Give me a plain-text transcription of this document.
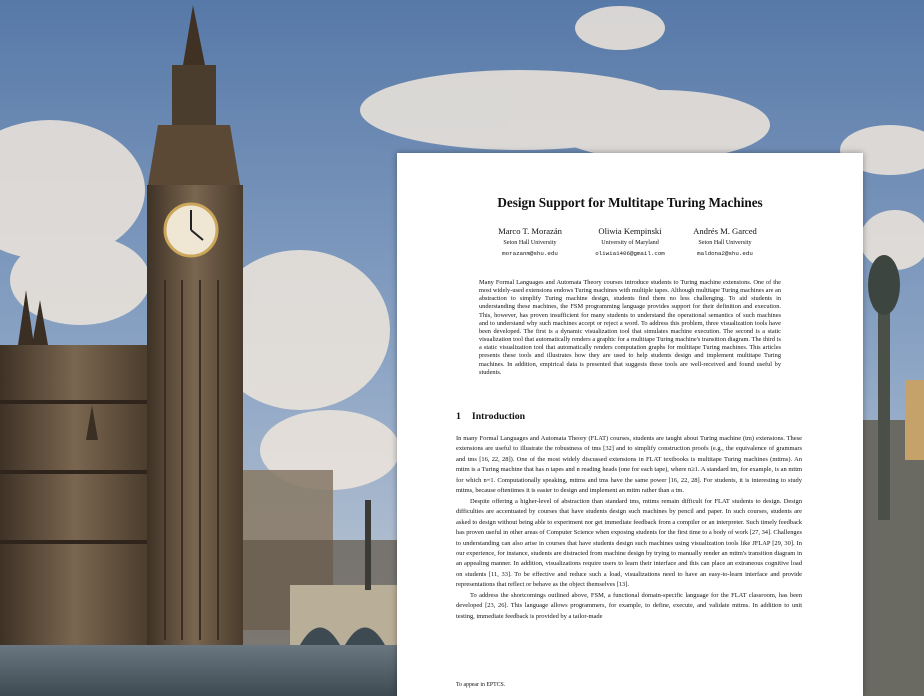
Design Support for Multitape Turing Machines
Marco T. Morazán
Seton Hall University
morazanm@shu.edu
Oliwia Kempinski
University of Maryland
oliwia1406@gmail.com
Andrés M. Garced
Seton Hall University
maldona2@shu.edu
Many Formal Languages and Automata Theory courses introduce students to Turing machine extensions. One of the most widely-used extensions endows Turing machines with multiple tapes. Although multitape Turing machines are an abstraction to simplify Turing machine design, students find them no less challenging. To aid students in understanding these machines, the FSM programming language provides support for their definition and execution. This, however, has proven insufficient for many students to understand the operational semantics of such machines and to understand why such machines accept or reject a word. To address this problem, three visualization tools have been developed. The first is a dynamic visualization tool that simulates machine execution. The second is a static visualization tool that automatically renders a graphic for a multitape Turing machine's transition diagram. The third is a static visualization tool that automatically renders computation graphs for multitape Turing machines. This articles presents these tools and illustrates how they are used to help students design and implement multitape Turing machines. In addition, empirical data is presented that suggests these tools are well-received and found useful by students.
1 Introduction

In many Formal Languages and Automata Theory (FLAT) courses, students are taught about Turing machine (tm) extensions. These extensions are useful to illustrate the robustness of tms [32] and to simplify construction proofs (e.g., the equivalence of grammars and tms [16, 22, 28]). One of the most widely discussed extensions in FLAT textbooks is multitape Turing machines (mttms). An mttm is a Turing machine that has n tapes and n reading heads (one for each tape), where n≥1. A standard tm, for example, is an mttm for which n=1. Computationally speaking, mttms and tms have the same power [16, 22, 28]. For students, it is interesting to study mttms, because oftentimes it is easier to design and implement an mttm rather than a tm.

Despite offering a higher-level of abstraction than standard tms, mttms remain difficult for FLAT students to design. Design difficulties are accentuated by courses that have students design such machines by pencil and paper. In such courses, students are asked to design without being able to experiment nor get immediate feedback from a compiler or an interpreter. Such timely feedback has proven useful in other areas of Computer Science when exposing students for the first time to a body of work [27, 34]. Challenges to understanding can also arise in courses that have students design such machines using visualization tools like JFLAP [29, 30]. In our experience, for instance, students are distracted from machine design by trying to manually render an mttm's transition diagram in an appealing manner. In addition, visualizations require users to learn their interface and this can place an extraneous cognitive load on students [11, 33]. To be effective and reduce such a load, visualizations need to have an easy-to-learn interface and provide representations that reflect or behave as the object themselves [13].

To address the shortcomings outlined above, FSM, a functional domain-specific language for the FLAT classroom, has been developed [23, 26]. This language allows programmers, for example, to define, execute, and validate mttms. In addition to unit testing, immediate feedback is provided by a tailor-made

To appear in EPTCS.
